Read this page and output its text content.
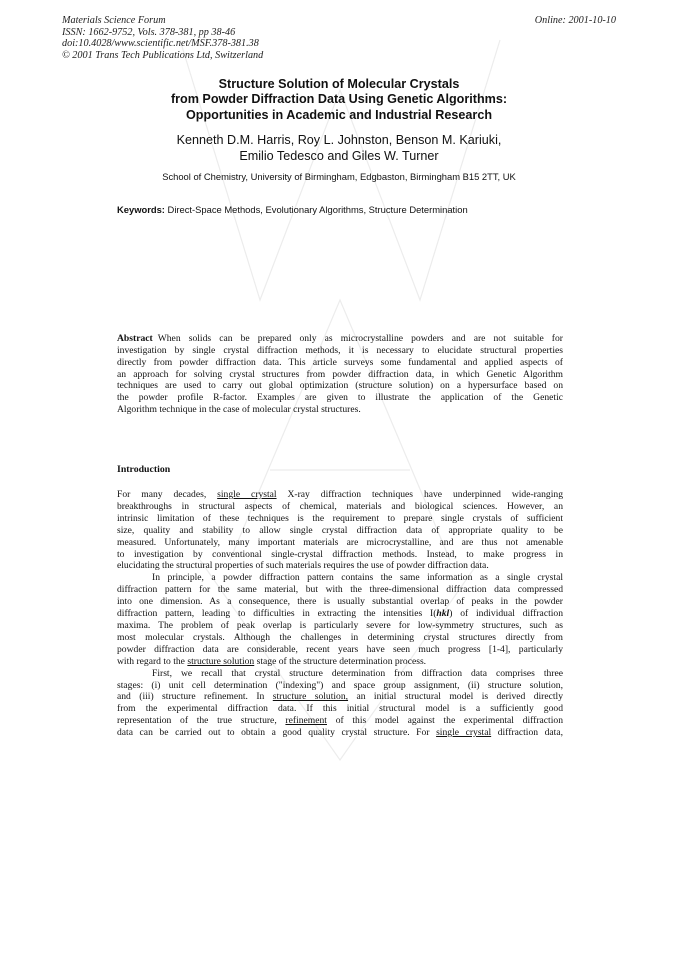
Materials Science Forum
ISSN: 1662-9752, Vols. 378-381, pp 38-46
doi:10.4028/www.scientific.net/MSF.378-381.38
© 2001 Trans Tech Publications Ltd, Switzerland
Online: 2001-10-10
Structure Solution of Molecular Crystals
from Powder Diffraction Data Using Genetic Algorithms:
Opportunities in Academic and Industrial Research
Kenneth D.M. Harris, Roy L. Johnston, Benson M. Kariuki,
Emilio Tedesco and Giles W. Turner
School of Chemistry, University of Birmingham, Edgbaston, Birmingham B15 2TT, UK
Keywords: Direct-Space Methods, Evolutionary Algorithms, Structure Determination
Abstract When solids can be prepared only as microcrystalline powders and are not suitable for
investigation by single crystal diffraction methods, it is necessary to elucidate structural properties
directly from powder diffraction data. This article surveys some fundamental and applied aspects of
an approach for solving crystal structures from powder diffraction data, in which Genetic Algorithm
techniques are used to carry out global optimization (structure solution) on a hypersurface based on
the powder profile R-factor. Examples are given to illustrate the application of the Genetic
Algorithm technique in the case of molecular crystal structures.
Introduction
For many decades, single crystal X-ray diffraction techniques have underpinned wide-ranging
breakthroughs in structural aspects of chemical, materials and biological sciences. However, an
intrinsic limitation of these techniques is the requirement to prepare single crystals of sufficient
size, quality and stability to allow single crystal diffraction data of appropriate quality to be
measured. Unfortunately, many important materials are microcrystalline, and are thus not amenable
to investigation by conventional single-crystal diffraction methods. Instead, to make progress in
elucidating the structural properties of such materials requires the use of powder diffraction data.
In principle, a powder diffraction pattern contains the same information as a single crystal
diffraction pattern for the same material, but with the three-dimensional diffraction data compressed
into one dimension. As a consequence, there is usually substantial overlap of peaks in the powder
diffraction pattern, leading to difficulties in extracting the intensities I(hkl) of individual diffraction
maxima. The problem of peak overlap is particularly severe for low-symmetry structures, such as
most molecular crystals. Although the challenges in determining crystal structures directly from
powder diffraction data are considerable, recent years have seen much progress [1-4], particularly
with regard to the structure solution stage of the structure determination process.
First, we recall that crystal structure determination from diffraction data comprises three
stages: (i) unit cell determination ("indexing") and space group assignment, (ii) structure solution,
and (iii) structure refinement. In structure solution, an initial structural model is derived directly
from the experimental diffraction data. If this initial structural model is a sufficiently good
representation of the true structure, refinement of this model against the experimental diffraction
data can be carried out to obtain a good quality crystal structure. For single crystal diffraction data,
